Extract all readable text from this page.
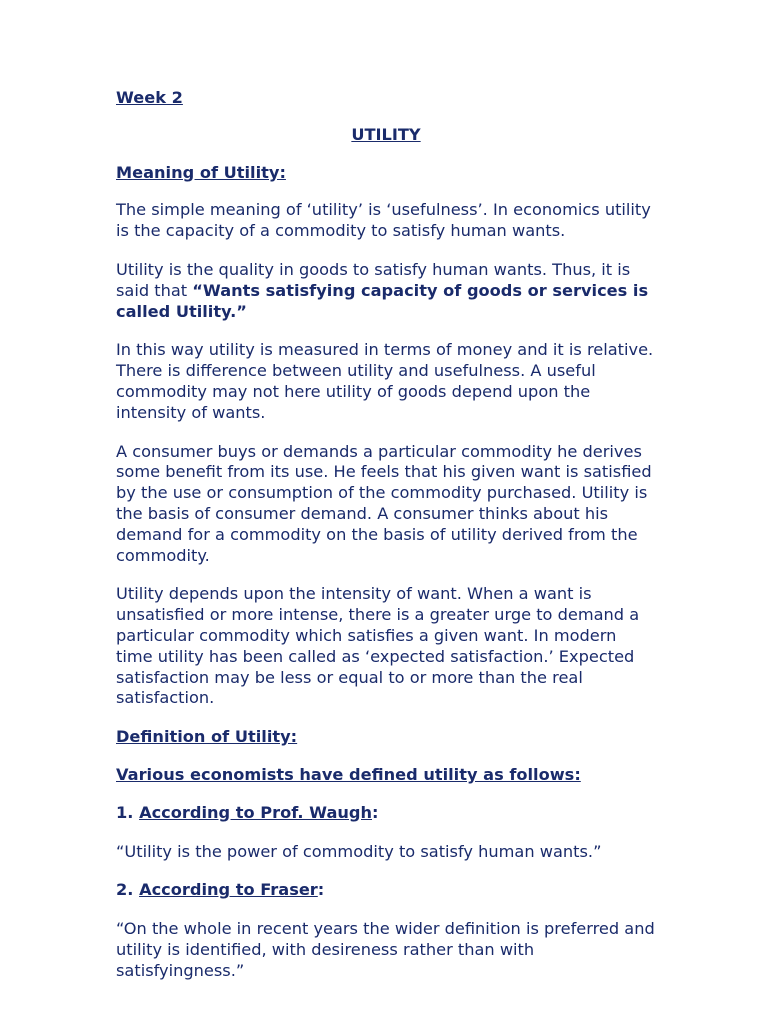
Week 2

UTILITY

Meaning of Utility:

The simple meaning of ‘utility’ is ‘usefulness’. In economics utility is the capacity of a commodity to satisfy human wants.

Utility is the quality in goods to satisfy human wants. Thus, it is said that “Wants satisfying capacity of goods or services is called Utility.”

In this way utility is measured in terms of money and it is relative. There is difference between utility and usefulness. A useful commodity may not here utility of goods depend upon the intensity of wants.

A consumer buys or demands a particular commodity he derives some benefit from its use. He feels that his given want is satisfied by the use or consumption of the commodity purchased. Utility is the basis of consumer demand. A consumer thinks about his demand for a commodity on the basis of utility derived from the commodity.

Utility depends upon the intensity of want. When a want is unsatisfied or more intense, there is a greater urge to demand a particular commodity which satisfies a given want. In modern time utility has been called as ‘expected satisfaction.’ Expected satisfaction may be less or equal to or more than the real satisfaction.

Definition of Utility:

Various economists have defined utility as follows:

1. According to Prof. Waugh:

“Utility is the power of commodity to satisfy human wants.”

2. According to Fraser:

“On the whole in recent years the wider definition is preferred and utility is identified, with desireness rather than with satisfyingness.”
